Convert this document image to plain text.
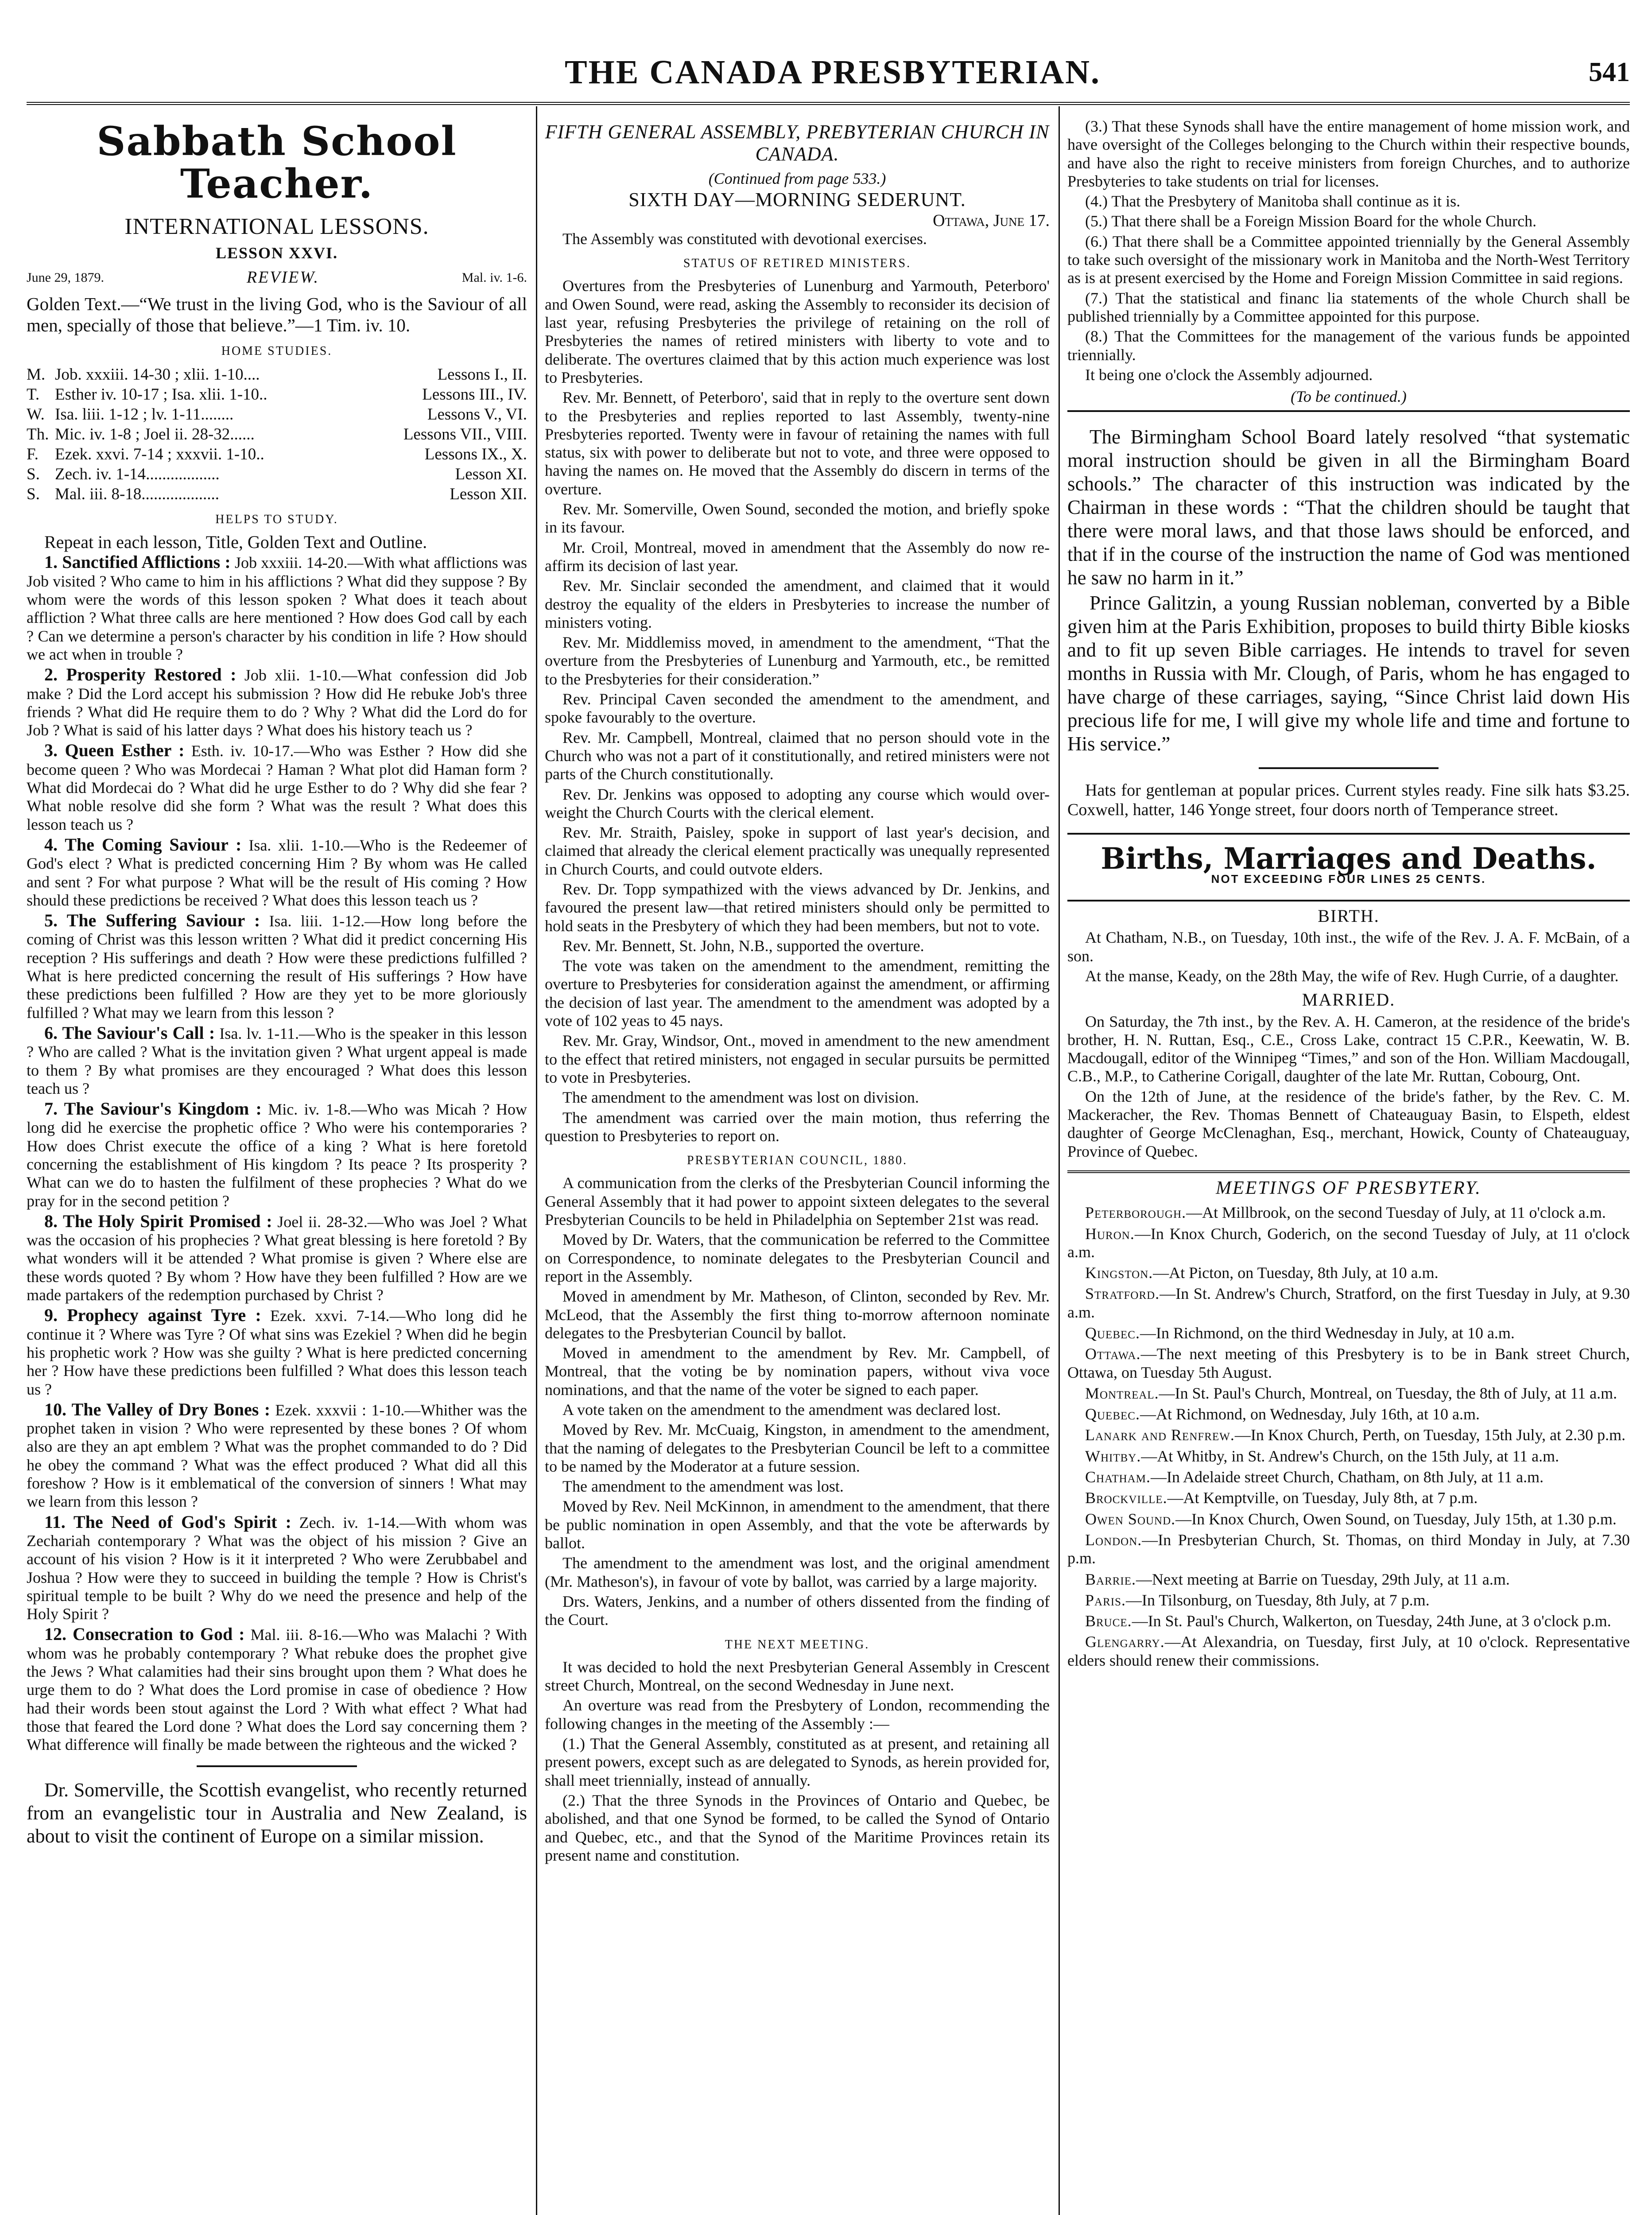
THE CANADA PRESBYTERIAN.	541
Sabbath School Teacher.
INTERNATIONAL LESSONS.
LESSON XXVI.
June 29, 1879.	REVIEW.	Mal. iv. 1-6.

Golden Text.—“We trust in the living God, who is the Saviour of all men, specially of those that believe.”—1 Tim. iv. 10.

HOME STUDIES.
M. Job. xxxiii. 14-30 ; xlii. 1-10....	Lessons I., II.
T. Esther iv. 10-17 ; Isa. xlii. 1-10..	Lessons III., IV.
W. Isa. liii. 1-12 ; lv. 1-11........	Lessons V., VI.
Th. Mic. iv. 1-8 ; Joel ii. 28-32......	Lessons VII., VIII.
F.	Ezek. xxvi. 7-14 ; xxxvii. 1-10..	Lessons IX., X.
S. Zech. iv. 1-14..................	Lesson XI.
S. Mal. iii. 8-18...................	Lesson XII.
HELPS TO STUDY.

Repeat in each lesson, Title, Golden Text and Outline.

1. Sanctified Afflictions : Job xxxiii. 14-20.—With what afflictions was Job visited ? Who came to him in his afflictions ? What did they suppose ? By whom were the words of this lesson spoken ? What does it teach about affliction ? What three calls are here mentioned ? How does God call by each ? Can we determine a person's character by his condition in life ? How should we act when in trouble ?

2. Prosperity Restored : Job xlii. 1-10.—What confession did Job make ? Did the Lord accept his submission ? How did He rebuke Job's three friends ? What did He require them to do ? Why ? What did the Lord do for Job ? What is said of his latter days ? What does his history teach us ?

3. Queen Esther : Esth. iv. 10-17.—Who was Esther ? How did she become queen ? Who was Mordecai ? Haman ? What plot did Haman form ? What did Mordecai do ? What did he urge Esther to do ? Why did she fear ? What noble resolve did she form ? What was the result ? What does this lesson teach us ?

4. The Coming Saviour : Isa. xlii. 1-10.—Who is the Redeemer of God's elect ? What is predicted concerning Him ? By whom was He called and sent ? For what purpose ? What will be the result of His coming ? How should these predictions be received ? What does this lesson teach us ?

5. The Suffering Saviour : Isa. liii. 1-12.—How long before the coming of Christ was this lesson written ? What did it predict concerning His reception ? His sufferings and death ? How were these predictions fulfilled ? What is here predicted concerning the result of His sufferings ? How have these predictions been fulfilled ? How are they yet to be more gloriously fulfilled ? What may we learn from this lesson ?

6. The Saviour's Call : Isa. lv. 1-11.—Who is the speaker in this lesson ? Who are called ? What is the invitation given ? What urgent appeal is made to them ? By what promises are they encouraged ? What does this lesson teach us ?

7. The Saviour's Kingdom : Mic. iv. 1-8.—Who was Micah ? How long did he exercise the prophetic office ? Who were his contemporaries ? How does Christ execute the office of a king ? What is here foretold concerning the establishment of His kingdom ? Its peace ? Its prosperity ? What can we do to hasten the fulfilment of these prophecies ? What do we pray for in the second petition ?

8. The Holy Spirit Promised : Joel ii. 28-32.—Who was Joel ? What was the occasion of his prophecies ? What great blessing is here foretold ? By what wonders will it be attended ? What promise is given ? Where else are these words quoted ? By whom ? How have they been fulfilled ? How are we made partakers of the redemption purchased by Christ ?

9. Prophecy against Tyre : Ezek. xxvi. 7-14.—Who long did he continue it ? Where was Tyre ? Of what sins was Ezekiel ? When did he begin his prophetic work ? How was she guilty ? What is here predicted concerning her ? How have these predictions been fulfilled ? What does this lesson teach us ?

10. The Valley of Dry Bones : Ezek. xxxvii : 1-10.—Whither was the prophet taken in vision ? Who were represented by these bones ? Of whom also are they an apt emblem ? What was the prophet commanded to do ? Did he obey the command ? What was the effect produced ? What did all this foreshow ? How is it emblematical of the conversion of sinners ! What may we learn from this lesson ?

11. The Need of God's Spirit : Zech. iv. 1-14.—With whom was Zechariah contemporary ? What was the object of his mission ? Give an account of his vision ? How is it it interpreted ? Who were Zerubbabel and Joshua ? How were they to succeed in building the temple ? How is Christ's spiritual temple to be built ? Why do we need the presence and help of the Holy Spirit ?

12. Consecration to God : Mal. iii. 8-16.—Who was Malachi ? With whom was he probably contemporary ? What rebuke does the prophet give the Jews ? What calamities had their sins brought upon them ? What does he urge them to do ? What does the Lord promise in case of obedience ? How had their words been stout against the Lord ? With what effect ? What had those that feared the Lord done ? What does the Lord say concerning them ? What difference will finally be made between the righteous and the wicked ?

Dr. Somerville, the Scottish evangelist, who recently returned from an evangelistic tour in Australia and New Zealand, is about to visit the continent of Europe on a similar mission.

FIFTH GENERAL ASSEMBLY, PREBYTERIAN CHURCH IN CANADA.
(Continued from page 533.)
SIXTH DAY—MORNING SEDERUNT.
Ottawa, June 17.

The Assembly was constituted with devotional exercises.

STATUS OF RETIRED MINISTERS.

Overtures from the Presbyteries of Lunenburg and Yarmouth, Peterboro' and Owen Sound, were read, asking the Assembly to reconsider its decision of last year, refusing Presbyteries the privilege of retaining on the roll of Presbyteries the names of retired ministers with liberty to vote and to deliberate. The overtures claimed that by this action much experience was lost to Presbyteries.

Rev. Mr. Bennett, of Peterboro', said that in reply to the overture sent down to the Presbyteries and replies reported to last Assembly, twenty-nine Presbyteries reported. Twenty were in favour of retaining the names with full status, six with power to deliberate but not to vote, and three were opposed to having the names on. He moved that the Assembly do discern in terms of the overture.

Rev. Mr. Somerville, Owen Sound, seconded the motion, and briefly spoke in its favour.

Mr. Croil, Montreal, moved in amendment that the Assembly do now re-affirm its decision of last year.

Rev. Mr. Sinclair seconded the amendment, and claimed that it would destroy the equality of the elders in Presbyteries to increase the number of ministers voting.

Rev. Mr. Middlemiss moved, in amendment to the amendment, “That the overture from the Presbyteries of Lunenburg and Yarmouth, etc., be remitted to the Presbyteries for their consideration.”

Rev. Principal Caven seconded the amendment to the amendment, and spoke favourably to the overture.

Rev. Mr. Campbell, Montreal, claimed that no person should vote in the Church who was not a part of it constitutionally, and retired ministers were not parts of the Church constitutionally.

Rev. Dr. Jenkins was opposed to adopting any course which would over-weight the Church Courts with the clerical element.

Rev. Mr. Straith, Paisley, spoke in support of last year's decision, and claimed that already the clerical element practically was unequally represented in Church Courts, and could outvote elders.

Rev. Dr. Topp sympathized with the views advanced by Dr. Jenkins, and favoured the present law—that retired ministers should only be permitted to hold seats in the Presbytery of which they had been members, but not to vote.

Rev. Mr. Bennett, St. John, N.B., supported the overture.

The vote was taken on the amendment to the amendment, remitting the overture to Presbyteries for consideration against the amendment, or affirming the decision of last year. The amendment to the amendment was adopted by a vote of 102 yeas to 45 nays.

Rev. Mr. Gray, Windsor, Ont., moved in amendment to the new amendment to the effect that retired ministers, not engaged in secular pursuits be permitted to vote in Presbyteries.

The amendment to the amendment was lost on division.

The amendment was carried over the main motion, thus referring the question to Presbyteries to report on.

PRESBYTERIAN COUNCIL, 1880.

A communication from the clerks of the Presbyterian Council informing the General Assembly that it had power to appoint sixteen delegates to the several Presbyterian Councils to be held in Philadelphia on September 21st was read.

Moved by Dr. Waters, that the communication be referred to the Committee on Correspondence, to nominate delegates to the Presbyterian Council and report in the Assembly.

Moved in amendment by Mr. Matheson, of Clinton, seconded by Rev. Mr. McLeod, that the Assembly the first thing to-morrow afternoon nominate delegates to the Presbyterian Council by ballot.

Moved in amendment to the amendment by Rev. Mr. Campbell, of Montreal, that the voting be by nomination papers, without viva voce nominations, and that the name of the voter be signed to each paper.

A vote taken on the amendment to the amendment was declared lost.

Moved by Rev. Mr. McCuaig, Kingston, in amendment to the amendment, that the naming of delegates to the Presbyterian Council be left to a committee to be named by the Moderator at a future session.

The amendment to the amendment was lost.

Moved by Rev. Neil McKinnon, in amendment to the amendment, that there be public nomination in open Assembly, and that the vote be afterwards by ballot.

The amendment to the amendment was lost, and the original amendment (Mr. Matheson's), in favour of vote by ballot, was carried by a large majority.

Drs. Waters, Jenkins, and a number of others dissented from the finding of the Court.

THE NEXT MEETING.

It was decided to hold the next Presbyterian General Assembly in Crescent street Church, Montreal, on the second Wednesday in June next.

An overture was read from the Presbytery of London, recommending the following changes in the meeting of the Assembly :—

(1.) That the General Assembly, constituted as at present, and retaining all present powers, except such as are delegated to Synods, as herein provided for, shall meet triennially, instead of annually.

(2.) That the three Synods in the Provinces of Ontario and Quebec, be abolished, and that one Synod be formed, to be called the Synod of Ontario and Quebec, etc., and that the Synod of the Maritime Provinces retain its present name and constitution.

(3.) That these Synods shall have the entire management of home mission work, and have oversight of the Colleges belonging to the Church within their respective bounds, and have also the right to receive ministers from foreign Churches, and to authorize Presbyteries to take students on trial for licenses.

(4.) That the Presbytery of Manitoba shall continue as it is.

(5.) That there shall be a Foreign Mission Board for the whole Church.

(6.) That there shall be a Committee appointed triennially by the General Assembly to take such oversight of the missionary work in Manitoba and the North-West Territory as is at present exercised by the Home and Foreign Mission Committee in said regions.

(7.) That the statistical and financ lia statements of the whole Church shall be published triennially by a Committee appointed for this purpose.

(8.) That the Committees for the management of the various funds be appointed triennially.

It being one o'clock the Assembly adjourned.

(To be continued.)

The Birmingham School Board lately resolved “that systematic moral instruction should be given in all the Birmingham Board schools.” The character of this instruction was indicated by the Chairman in these words : “That the children should be taught that there were moral laws, and that those laws should be enforced, and that if in the course of the instruction the name of God was mentioned he saw no harm in it.”

Prince Galitzin, a young Russian nobleman, converted by a Bible given him at the Paris Exhibition, proposes to build thirty Bible kiosks and to fit up seven Bible carriages. He intends to travel for seven months in Russia with Mr. Clough, of Paris, whom he has engaged to have charge of these carriages, saying, “Since Christ laid down His precious life for me, I will give my whole life and time and fortune to His service.”

Hats for gentleman at popular prices. Current styles ready. Fine silk hats $3.25. Coxwell, hatter, 146 Yonge street, four doors north of Temperance street.

Births, Marriages and Deaths.
NOT EXCEEDING FOUR LINES 25 CENTS.
BIRTH.

At Chatham, N.B., on Tuesday, 10th inst., the wife of the Rev. J. A. F. McBain, of a son.

At the manse, Keady, on the 28th May, the wife of Rev. Hugh Currie, of a daughter.

MARRIED.

On Saturday, the 7th inst., by the Rev. A. H. Cameron, at the residence of the bride's brother, H. N. Ruttan, Esq., C.E., Cross Lake, contract 15 C.P.R., Keewatin, W. B. Macdougall, editor of the Winnipeg “Times,” and son of the Hon. William Macdougall, C.B., M.P., to Catherine Corigall, daughter of the late Mr. Ruttan, Cobourg, Ont.

On the 12th of June, at the residence of the bride's father, by the Rev. C. M. Mackeracher, the Rev. Thomas Bennett of Chateauguay Basin, to Elspeth, eldest daughter of George McClenaghan, Esq., merchant, Howick, County of Chateauguay, Province of Quebec.

MEETINGS OF PRESBYTERY.

Peterborough.—At Millbrook, on the second Tuesday of July, at 11 o'clock a.m.

Huron.—In Knox Church, Goderich, on the second Tuesday of July, at 11 o'clock a.m.

Kingston.—At Picton, on Tuesday, 8th July, at 10 a.m.

Stratford.—In St. Andrew's Church, Stratford, on the first Tuesday in July, at 9.30 a.m.

Quebec.—In Richmond, on the third Wednesday in July, at 10 a.m.

Ottawa.—The next meeting of this Presbytery is to be in Bank street Church, Ottawa, on Tuesday 5th August.

Montreal.—In St. Paul's Church, Montreal, on Tuesday, the 8th of July, at 11 a.m.

Quebec.—At Richmond, on Wednesday, July 16th, at 10 a.m.

Lanark and Renfrew.—In Knox Church, Perth, on Tuesday, 15th July, at 2.30 p.m.

Whitby.—At Whitby, in St. Andrew's Church, on the 15th July, at 11 a.m.

Chatham.—In Adelaide street Church, Chatham, on 8th July, at 11 a.m.

Brockville.—At Kemptville, on Tuesday, July 8th, at 7 p.m.

Owen Sound.—In Knox Church, Owen Sound, on Tuesday, July 15th, at 1.30 p.m.

London.—In Presbyterian Church, St. Thomas, on third Monday in July, at 7.30 p.m.

Barrie.—Next meeting at Barrie on Tuesday, 29th July, at 11 a.m.

Paris.—In Tilsonburg, on Tuesday, 8th July, at 7 p.m.

Bruce.—In St. Paul's Church, Walkerton, on Tuesday, 24th June, at 3 o'clock p.m.

Glengarry.—At Alexandria, on Tuesday, first July, at 10 o'clock. Representative elders should renew their commissions.
